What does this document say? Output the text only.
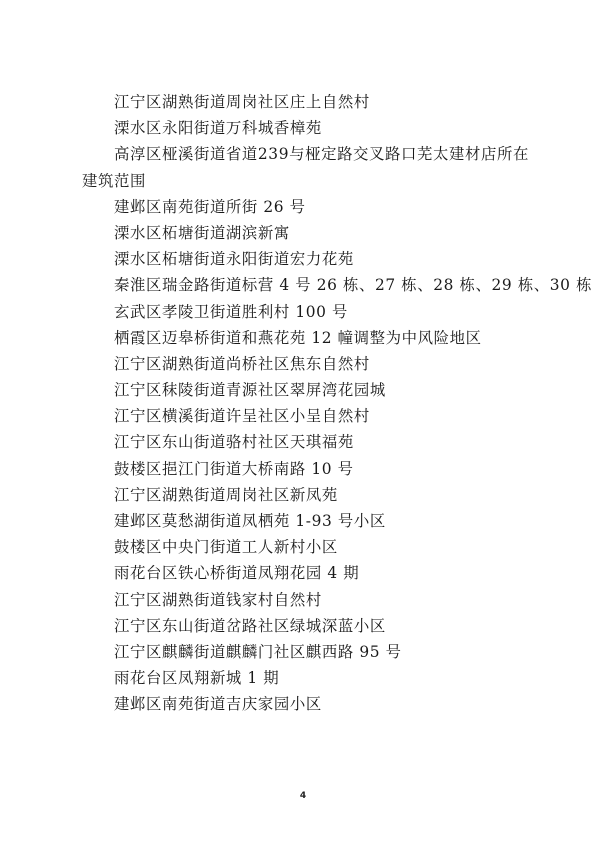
江宁区湖熟街道周岗社区庄上自然村
溧水区永阳街道万科城香樟苑
高淳区桠溪街道省道239与桠定路交叉路口芜太建材店所在建筑范围
建邺区南苑街道所街 26 号
溧水区柘塘街道湖滨新寓
溧水区柘塘街道永阳街道宏力花苑
秦淮区瑞金路街道标营 4 号 26 栋、27 栋、28 栋、29 栋、30 栋
玄武区孝陵卫街道胜利村 100 号
栖霞区迈皋桥街道和燕花苑 12 幢调整为中风险地区
江宁区湖熟街道尚桥社区焦东自然村
江宁区秣陵街道青源社区翠屏湾花园城
江宁区横溪街道许呈社区小呈自然村
江宁区东山街道骆村社区天琪福苑
鼓楼区挹江门街道大桥南路 10 号
江宁区湖熟街道周岗社区新凤苑
建邺区莫愁湖街道凤栖苑 1-93 号小区
鼓楼区中央门街道工人新村小区
雨花台区铁心桥街道凤翔花园 4 期
江宁区湖熟街道钱家村自然村
江宁区东山街道岔路社区绿城深蓝小区
江宁区麒麟街道麒麟门社区麒西路 95 号
雨花台区凤翔新城 1 期
建邺区南苑街道吉庆家园小区
4
